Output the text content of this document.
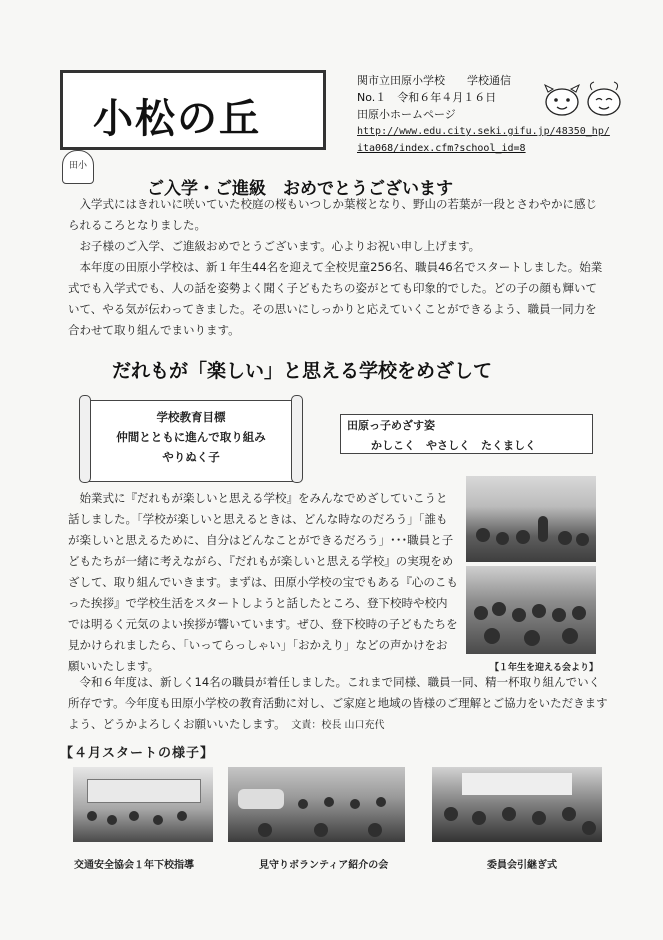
小松の丘
田小
関市立田原小学校　　学校通信
No.１　令和６年４月１６日
田原小ホームページ
http://www.edu.city.seki.gifu.jp/48350_hp/
ita068/index.cfm?school_id=8
ご入学・ご進級　おめでとうございます

入学式にはきれいに咲いていた校庭の桜もいつしか葉桜となり、野山の若葉が一段とさわやかに感じられるころとなりました。

お子様のご入学、ご進級おめでとうございます。心よりお祝い申し上げます。

本年度の田原小学校は、新１年生44名を迎えて全校児童256名、職員46名でスタートしました。始業式でも入学式でも、人の話を姿勢よく聞く子どもたちの姿がとても印象的でした。どの子の顔も輝いていて、やる気が伝わってきました。その思いにしっかりと応えていくことができるよう、職員一同力を合わせて取り組んでまいります。

だれもが「楽しい」と思える学校をめざして
学校教育目標
仲間とともに進んで取り組み
やりぬく子
田原っ子めざす姿
かしこく　やさしく　たくましく

始業式に『だれもが楽しいと思える学校』をみんなでめざしていこうと話しました。「学校が楽しいと思えるときは、どんな時なのだろう」「誰もが楽しいと思えるために、自分はどんなことができるだろう」･･･職員と子どもたちが一緒に考えながら、『だれもが楽しいと思える学校』の実現をめざして、取り組んでいきます。まずは、田原小学校の宝でもある『心のこもった挨拶』で学校生活をスタートしようと話したところ、登下校時や校内では明るく元気のよい挨拶が響いています。ぜひ、登下校時の子どもたちを見かけられましたら、「いってらっしゃい」「おかえり」などの声かけをお願いいたします。	【１年生を迎える会より】

令和６年度は、新しく14名の職員が着任しました。これまで同様、職員一同、精一杯取り組んでいく所存です。今年度も田原小学校の教育活動に対し、ご家庭と地域の皆様のご理解とご協力をいただきますよう、どうかよろしくお願いいたします。　 文責：校長 山口充代

【４月スタートの様子】
交通安全協会１年下校指導	見守りボランティア紹介の会	委員会引継ぎ式
